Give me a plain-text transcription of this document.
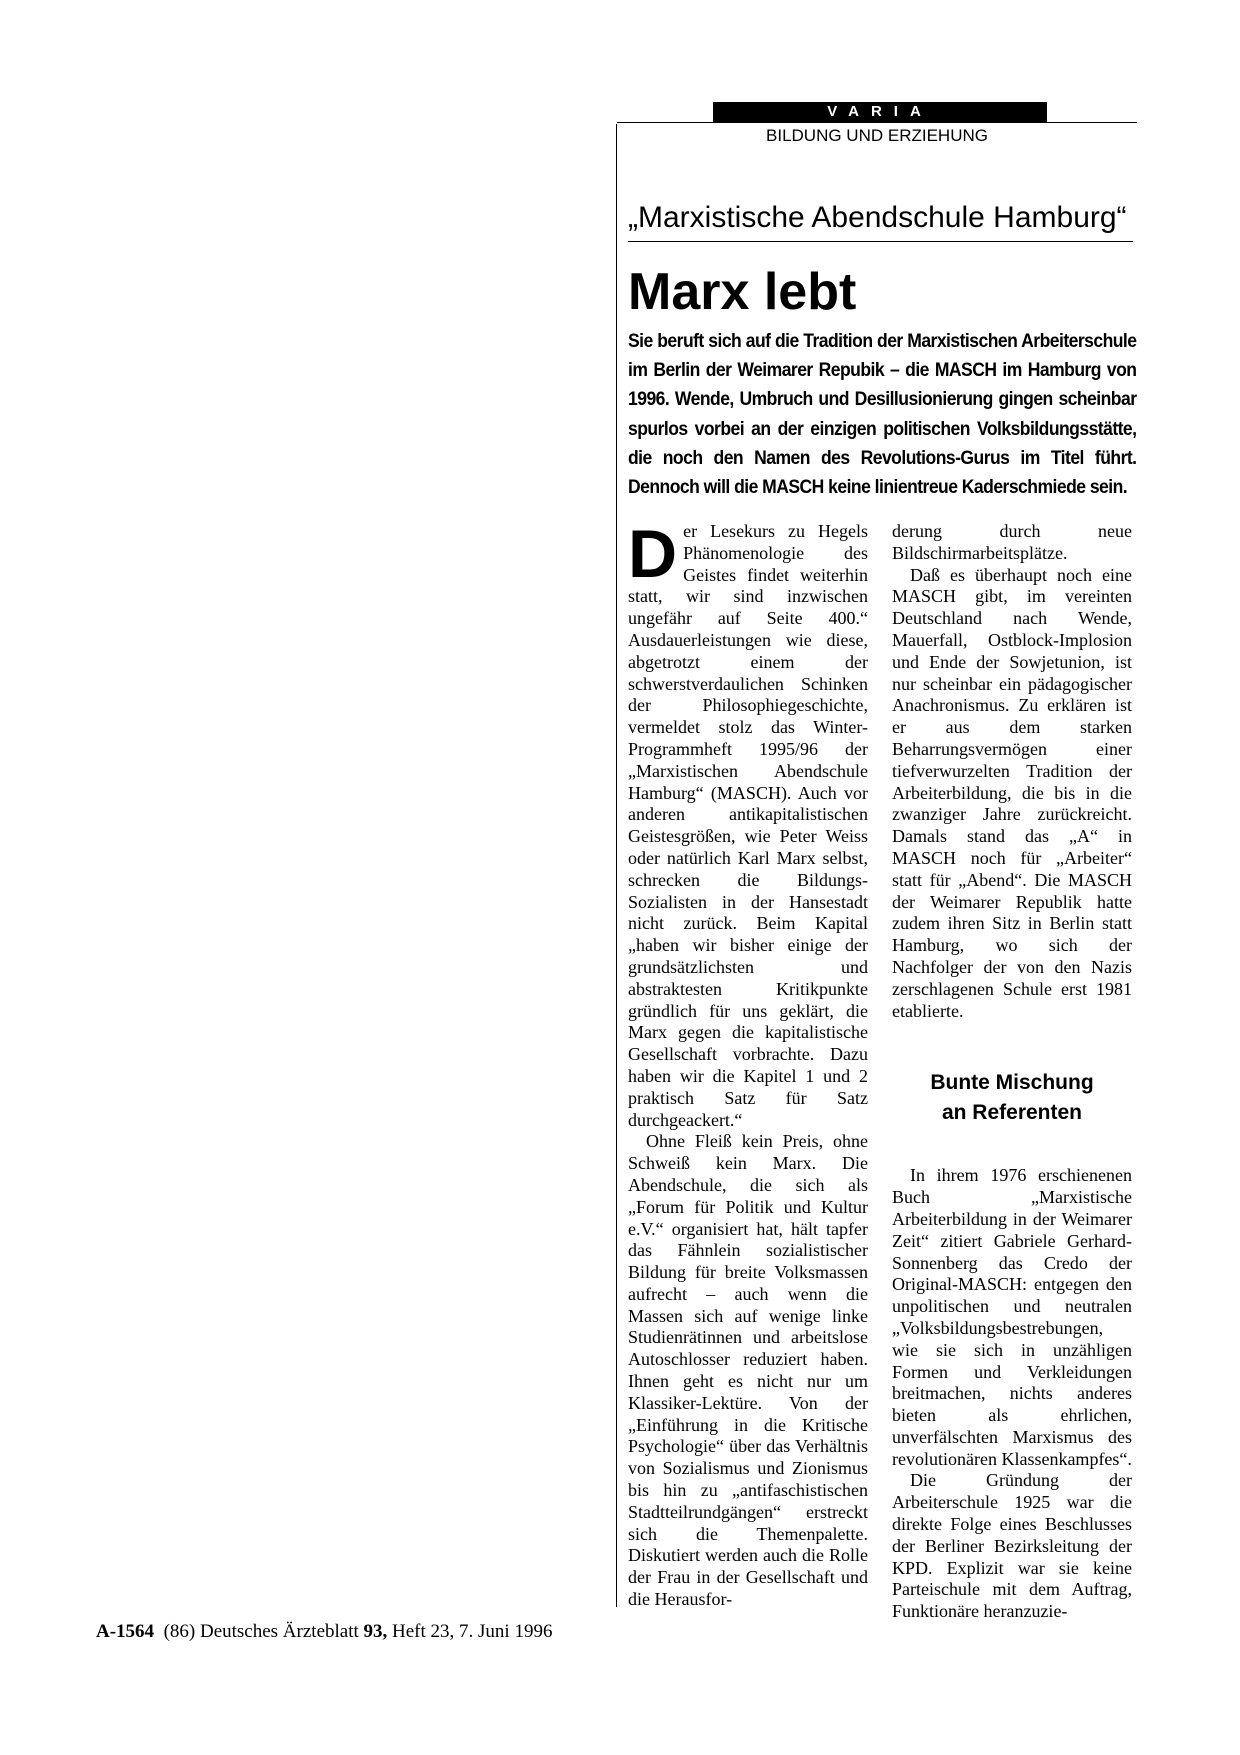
VARIA
BILDUNG UND ERZIEHUNG
„Marxistische Abendschule Hamburg“
Marx lebt
Sie beruft sich auf die Tradition der Marxistischen Arbeiterschule im Berlin der Weimarer Repubik – die MASCH im Hamburg von 1996. Wende, Umbruch und Desillusionierung gingen scheinbar spurlos vorbei an der einzigen politischen Volksbildungsstätte, die noch den Namen des Revolutions-Gurus im Titel führt. Dennoch will die MASCH keine linientreue Kaderschmiede sein.

Der Lesekurs zu Hegels Phänomenologie des Geistes findet weiterhin statt, wir sind inzwischen ungefähr auf Seite 400.“ Ausdauerleistungen wie diese, abgetrotzt einem der schwerstverdaulichen Schinken der Philosophiegeschichte, vermeldet stolz das Winter-Programmheft 1995/96 der „Marxistischen Abendschule Hamburg“ (MASCH). Auch vor anderen antikapitalistischen Geistesgrößen, wie Peter Weiss oder natürlich Karl Marx selbst, schrecken die Bildungs-Sozialisten in der Hansestadt nicht zurück. Beim Kapital „haben wir bisher einige der grundsätzlichsten und abstraktesten Kritikpunkte gründlich für uns geklärt, die Marx gegen die kapitalistische Gesellschaft vorbrachte. Dazu haben wir die Kapitel 1 und 2 praktisch Satz für Satz durchgeackert.“

Ohne Fleiß kein Preis, ohne Schweiß kein Marx. Die Abendschule, die sich als „Forum für Politik und Kultur e.V.“ organisiert hat, hält tapfer das Fähnlein sozialistischer Bildung für breite Volksmassen aufrecht – auch wenn die Massen sich auf wenige linke Studienrätinnen und arbeitslose Autoschlosser reduziert haben. Ihnen geht es nicht nur um Klassiker-Lektüre. Von der „Einführung in die Kritische Psychologie“ über das Verhältnis von Sozialismus und Zionismus bis hin zu „antifaschistischen Stadtteilrundgängen“ erstreckt sich die Themenpalette. Diskutiert werden auch die Rolle der Frau in der Gesellschaft und die Herausfor-

derung durch neue Bildschirmarbeitsplätze.

Daß es überhaupt noch eine MASCH gibt, im vereinten Deutschland nach Wende, Mauerfall, Ostblock-Implosion und Ende der Sowjetunion, ist nur scheinbar ein pädagogischer Anachronismus. Zu erklären ist er aus dem starken Beharrungsvermögen einer tiefverwurzelten Tradition der Arbeiterbildung, die bis in die zwanziger Jahre zurückreicht. Damals stand das „A“ in MASCH noch für „Arbeiter“ statt für „Abend“. Die MASCH der Weimarer Republik hatte zudem ihren Sitz in Berlin statt Hamburg, wo sich der Nachfolger der von den Nazis zerschlagenen Schule erst 1981 etablierte.

Bunte Mischung
an Referenten

In ihrem 1976 erschienenen Buch „Marxistische Arbeiterbildung in der Weimarer Zeit“ zitiert Gabriele Gerhard-Sonnenberg das Credo der Original-MASCH: entgegen den unpolitischen und neutralen „Volksbildungsbestrebungen, wie sie sich in unzähligen Formen und Verkleidungen breitmachen, nichts anderes bieten als ehrlichen, unverfälschten Marxismus des revolutionären Klassenkampfes“.

Die Gründung der Arbeiterschule 1925 war die direkte Folge eines Beschlusses der Berliner Bezirksleitung der KPD. Explizit war sie keine Parteischule mit dem Auftrag, Funktionäre heranzuzie-

A-1564 (86) Deutsches Ärzteblatt 93, Heft 23, 7. Juni 1996
